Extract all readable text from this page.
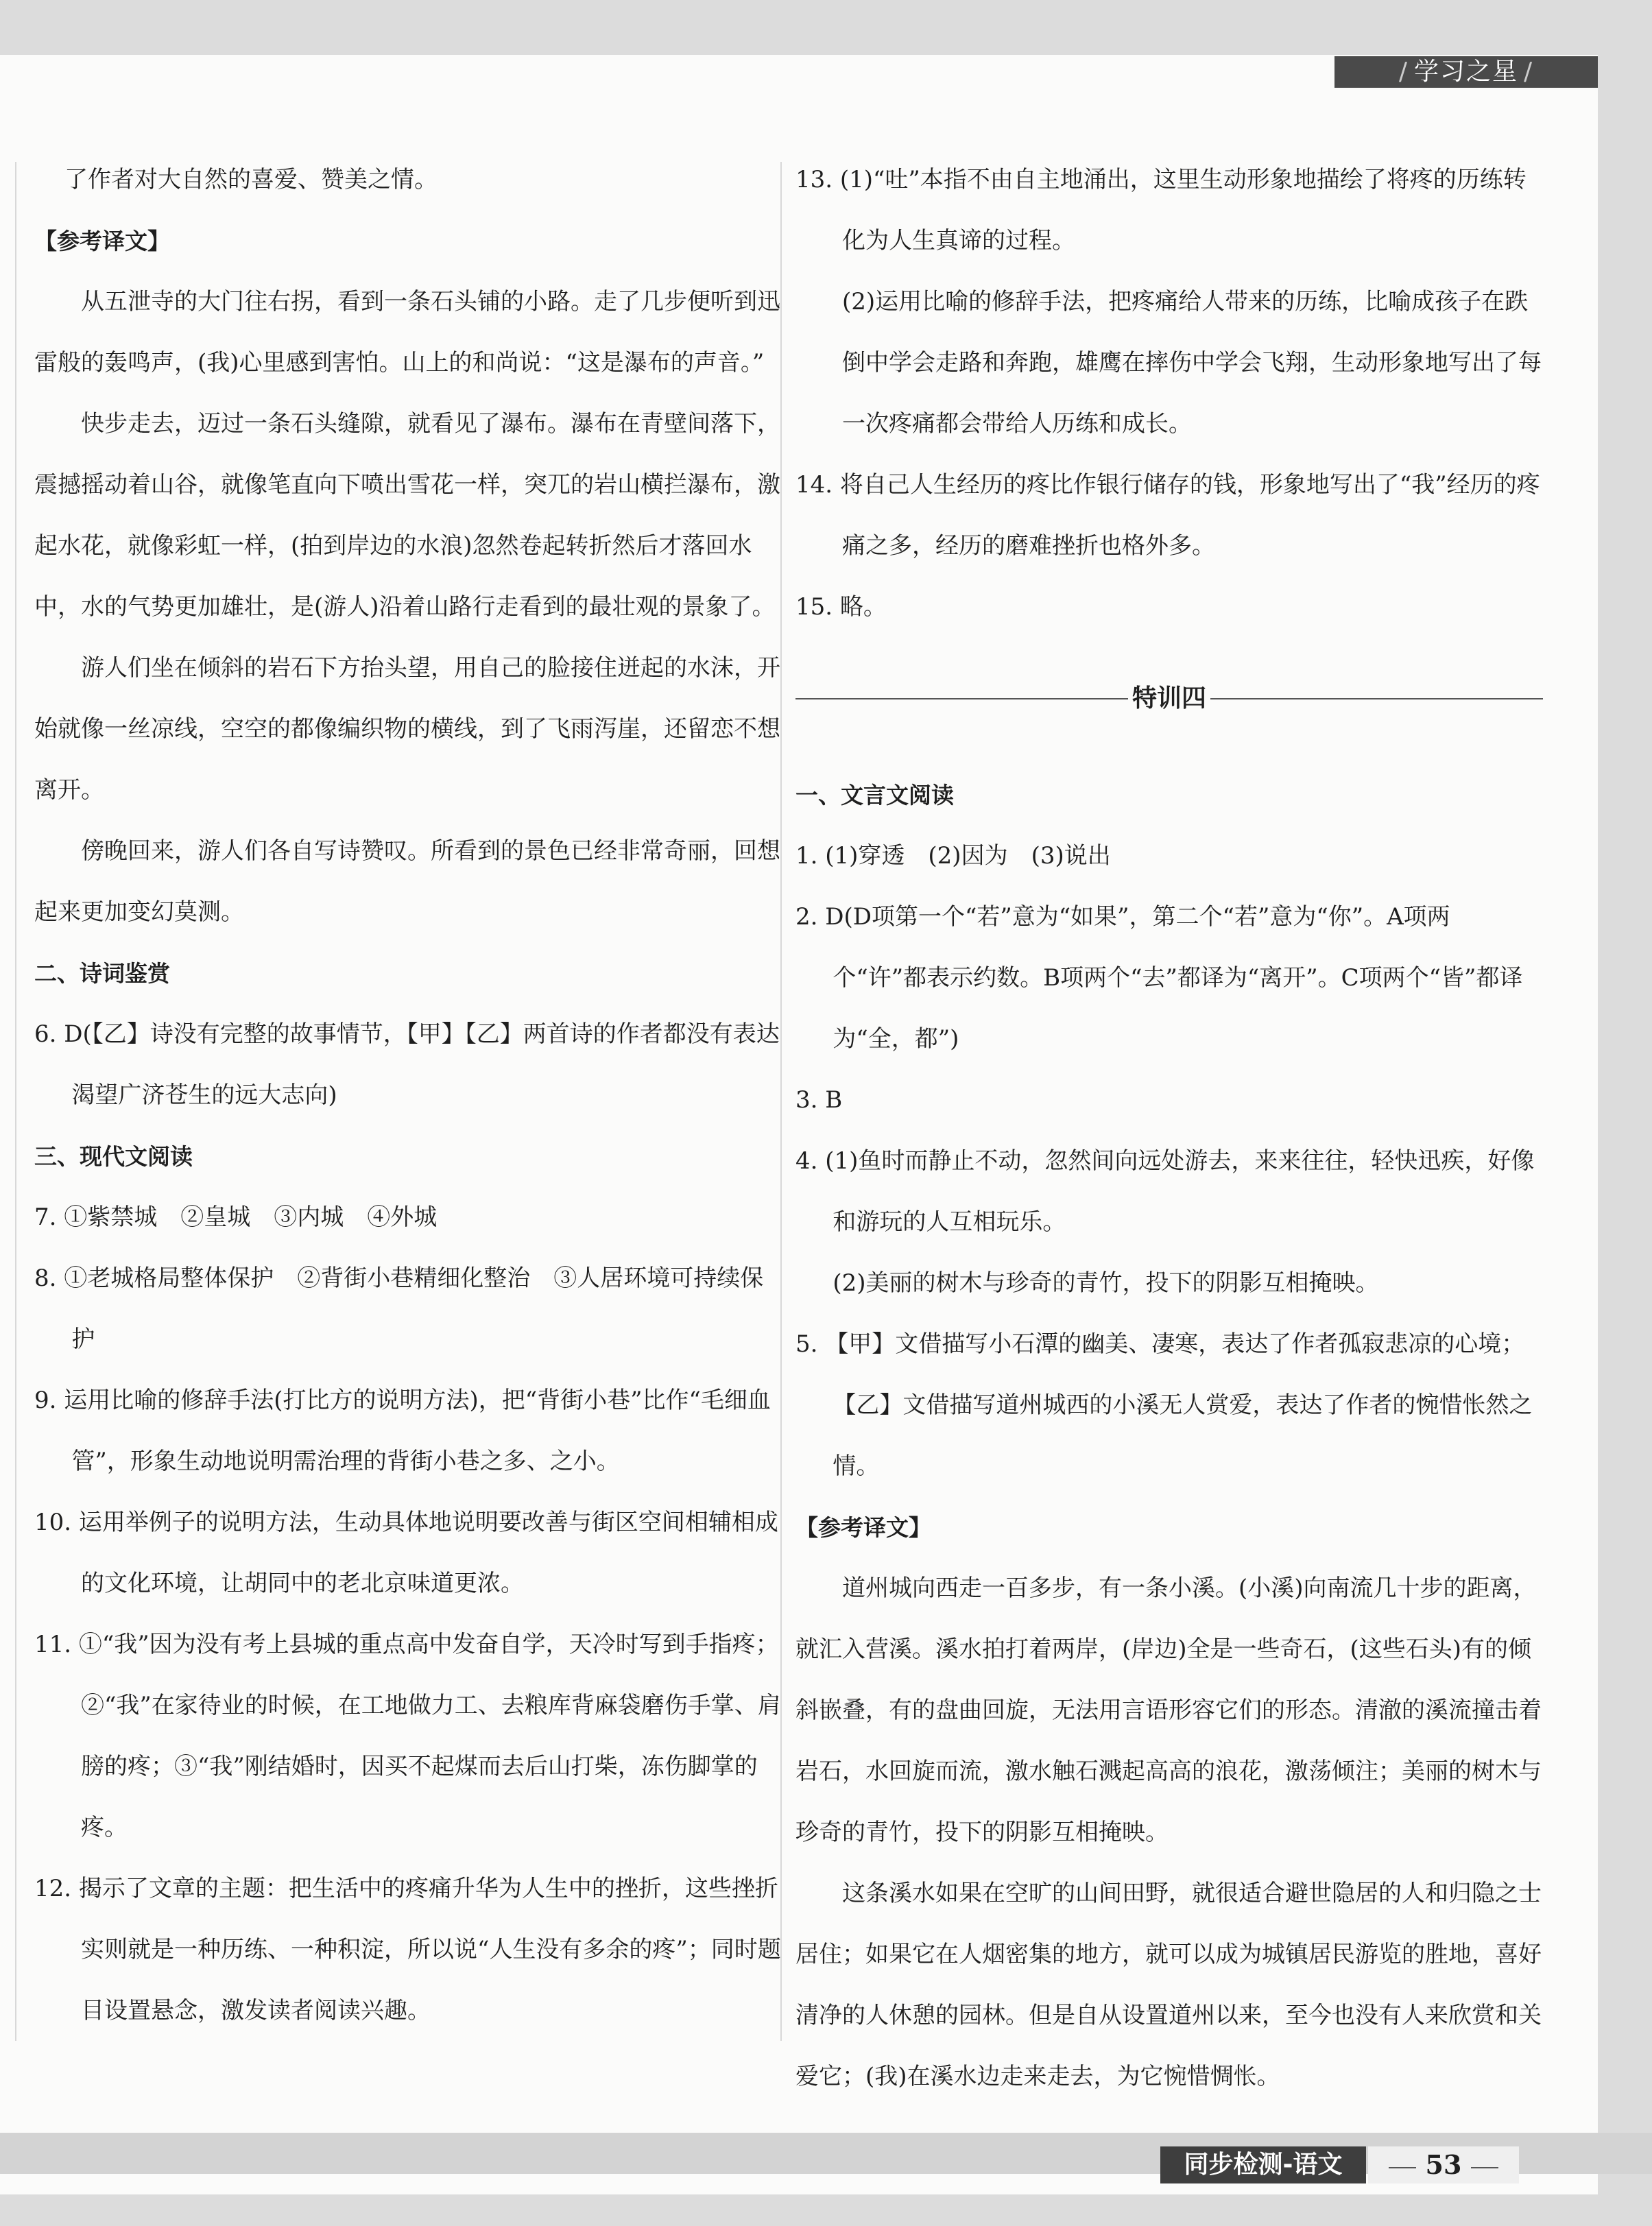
/ 学习之星 /

了作者对大自然的喜爱、赞美之情。

【参考译文】

从五泄寺的大门往右拐，看到一条石头铺的小路。走了几步便听到迅雷般的轰鸣声，(我)心里感到害怕。山上的和尚说：“这是瀑布的声音。”

快步走去，迈过一条石头缝隙，就看见了瀑布。瀑布在青壁间落下，震撼摇动着山谷，就像笔直向下喷出雪花一样，突兀的岩山横拦瀑布，激起水花，就像彩虹一样，(拍到岸边的水浪)忽然卷起转折然后才落回水中，水的气势更加雄壮，是(游人)沿着山路行走看到的最壮观的景象了。

游人们坐在倾斜的岩石下方抬头望，用自己的脸接住迸起的水沫，开始就像一丝凉线，空空的都像编织物的横线，到了飞雨泻崖，还留恋不想离开。

傍晚回来，游人们各自写诗赞叹。所看到的景色已经非常奇丽，回想起来更加变幻莫测。

二、诗词鉴赏

6. D(【乙】诗没有完整的故事情节，【甲】【乙】两首诗的作者都没有表达渴望广济苍生的远大志向)

三、现代文阅读

7. ①紫禁城　②皇城　③内城　④外城

8. ①老城格局整体保护　②背街小巷精细化整治　③人居环境可持续保护

9. 运用比喻的修辞手法(打比方的说明方法)，把“背街小巷”比作“毛细血管”，形象生动地说明需治理的背街小巷之多、之小。

10. 运用举例子的说明方法，生动具体地说明要改善与街区空间相辅相成的文化环境，让胡同中的老北京味道更浓。

11. ①“我”因为没有考上县城的重点高中发奋自学，天冷时写到手指疼；②“我”在家待业的时候，在工地做力工、去粮库背麻袋磨伤手掌、肩膀的疼；③“我”刚结婚时，因买不起煤而去后山打柴，冻伤脚掌的疼。

12. 揭示了文章的主题：把生活中的疼痛升华为人生中的挫折，这些挫折实则就是一种历练、一种积淀，所以说“人生没有多余的疼”；同时题目设置悬念，激发读者阅读兴趣。

13. (1)“吐”本指不由自主地涌出，这里生动形象地描绘了将疼的历练转化为人生真谛的过程。

(2)运用比喻的修辞手法，把疼痛给人带来的历练，比喻成孩子在跌倒中学会走路和奔跑，雄鹰在摔伤中学会飞翔，生动形象地写出了每一次疼痛都会带给人历练和成长。

14. 将自己人生经历的疼比作银行储存的钱，形象地写出了“我”经历的疼痛之多，经历的磨难挫折也格外多。

15. 略。

特训四

一、文言文阅读

1. (1)穿透　(2)因为　(3)说出

2. D(D项第一个“若”意为“如果”，第二个“若”意为“你”。A项两个“许”都表示约数。B项两个“去”都译为“离开”。C项两个“皆”都译为“全，都”)

3. B

4. (1)鱼时而静止不动，忽然间向远处游去，来来往往，轻快迅疾，好像和游玩的人互相玩乐。

(2)美丽的树木与珍奇的青竹，投下的阴影互相掩映。

5. 【甲】文借描写小石潭的幽美、凄寒，表达了作者孤寂悲凉的心境；【乙】文借描写道州城西的小溪无人赏爱，表达了作者的惋惜怅然之情。

【参考译文】

道州城向西走一百多步，有一条小溪。(小溪)向南流几十步的距离，就汇入营溪。溪水拍打着两岸，(岸边)全是一些奇石，(这些石头)有的倾斜嵌叠，有的盘曲回旋，无法用言语形容它们的形态。清澈的溪流撞击着岩石，水回旋而流，激水触石溅起高高的浪花，激荡倾注；美丽的树木与珍奇的青竹，投下的阴影互相掩映。

这条溪水如果在空旷的山间田野，就很适合避世隐居的人和归隐之士居住；如果它在人烟密集的地方，就可以成为城镇居民游览的胜地，喜好清净的人休憩的园林。但是自从设置道州以来，至今也没有人来欣赏和关爱它；(我)在溪水边走来走去，为它惋惜惆怅。

同步检测-语文	53
